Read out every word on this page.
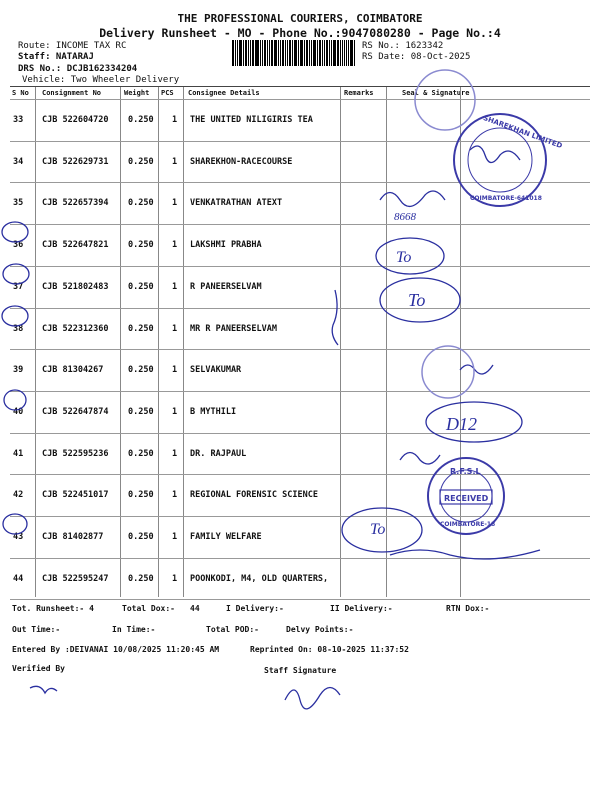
THE PROFESSIONAL COURIERS, COIMBATORE
Delivery Runsheet - MO - Phone No.:9047080280 - Page No.:4
Route: INCOME TAX RC
Staff: NATARAJ
DRS No.: DCJB162334204
Vehicle: Two Wheeler Delivery
RS No.: 1623342
RS Date: 08-Oct-2025
S No Consignment No	Weight PCS Consignee Details	Remarks	Seal & Signature
33 CJB 522604720 0.250 1 THE UNITED NILIGIRIS TEA
34 CJB 522629731 0.250 1 SHAREKHON-RACECOURSE
35 CJB 522657394 0.250 1 VENKATRATHAN ATEXT
36 CJB 522647821 0.250 1 LAKSHMI PRABHA
37 CJB 521802483 0.250 1 R PANEERSELVAM
38 CJB 522312360 0.250 1 MR R PANEERSELVAM
39 CJB 81304267	0.250 1 SELVAKUMAR
40 CJB 522647874 0.250 1 B MYTHILI
41 CJB 522595236 0.250 1 DR. RAJPAUL
42 CJB 522451017 0.250 1 REGIONAL FORENSIC SCIENCE
43 CJB 81402877	0.250 1 FAMILY WELFARE
44 CJB 522595247 0.250 1 POONKODI, M4, OLD QUARTERS,
To
To
To
D12
8668
SHAREKHAN LIMITED
COIMBATORE-641018
R.F.S.L
RECEIVED
COIMBATORE-18
Tot. Runsheet:- 4	Total Dox:- 44	I Delivery:-	II Delivery:-	RTN Dox:-
Out Time:-	In Time:-	Total POD:-	Delvy Points:-
Entered By :DEIVANAI 10/08/2025 11:20:45 AM	Reprinted On: 08-10-2025 11:37:52
Verified By	Staff Signature
